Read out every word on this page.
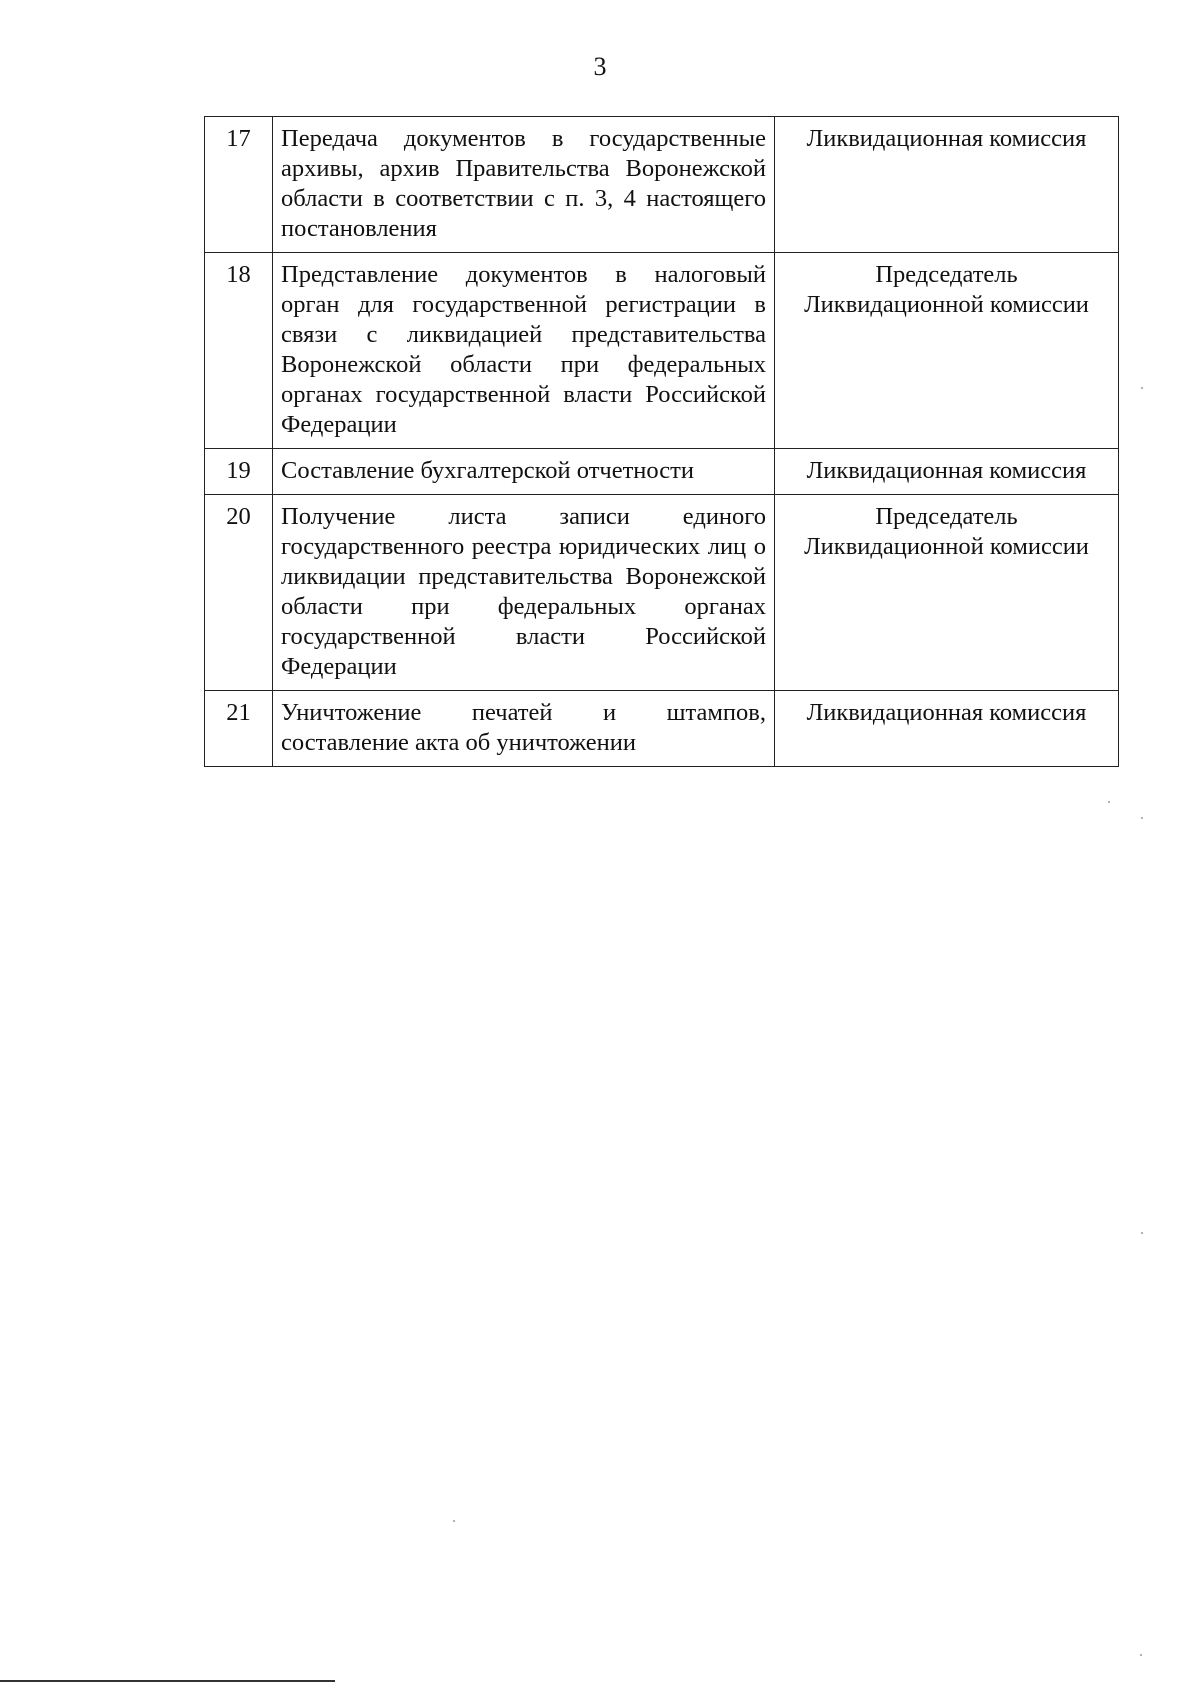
3
17	Передача документов в государственные архивы, архив Правительства Воронежской области в соответствии с п. 3, 4 настоящего постановления	Ликвидационная комиссия
18	Представление документов в налоговый орган для государственной регистрации в связи с ликвидацией представительства Воронежской области при федеральных органах государственной власти Российской Федерации	Председатель Ликвидационной комиссии
19	Составление бухгалтерской отчетности	Ликвидационная комиссия
20	Получение листа записи единого государственного реестра юридических лиц о ликвидации представительства Воронежской области при федеральных органах государственной власти Российской Федерации	Председатель Ликвидационной комиссии
21	Уничтожение печатей и штампов, составление акта об уничтожении	Ликвидационная комиссия
